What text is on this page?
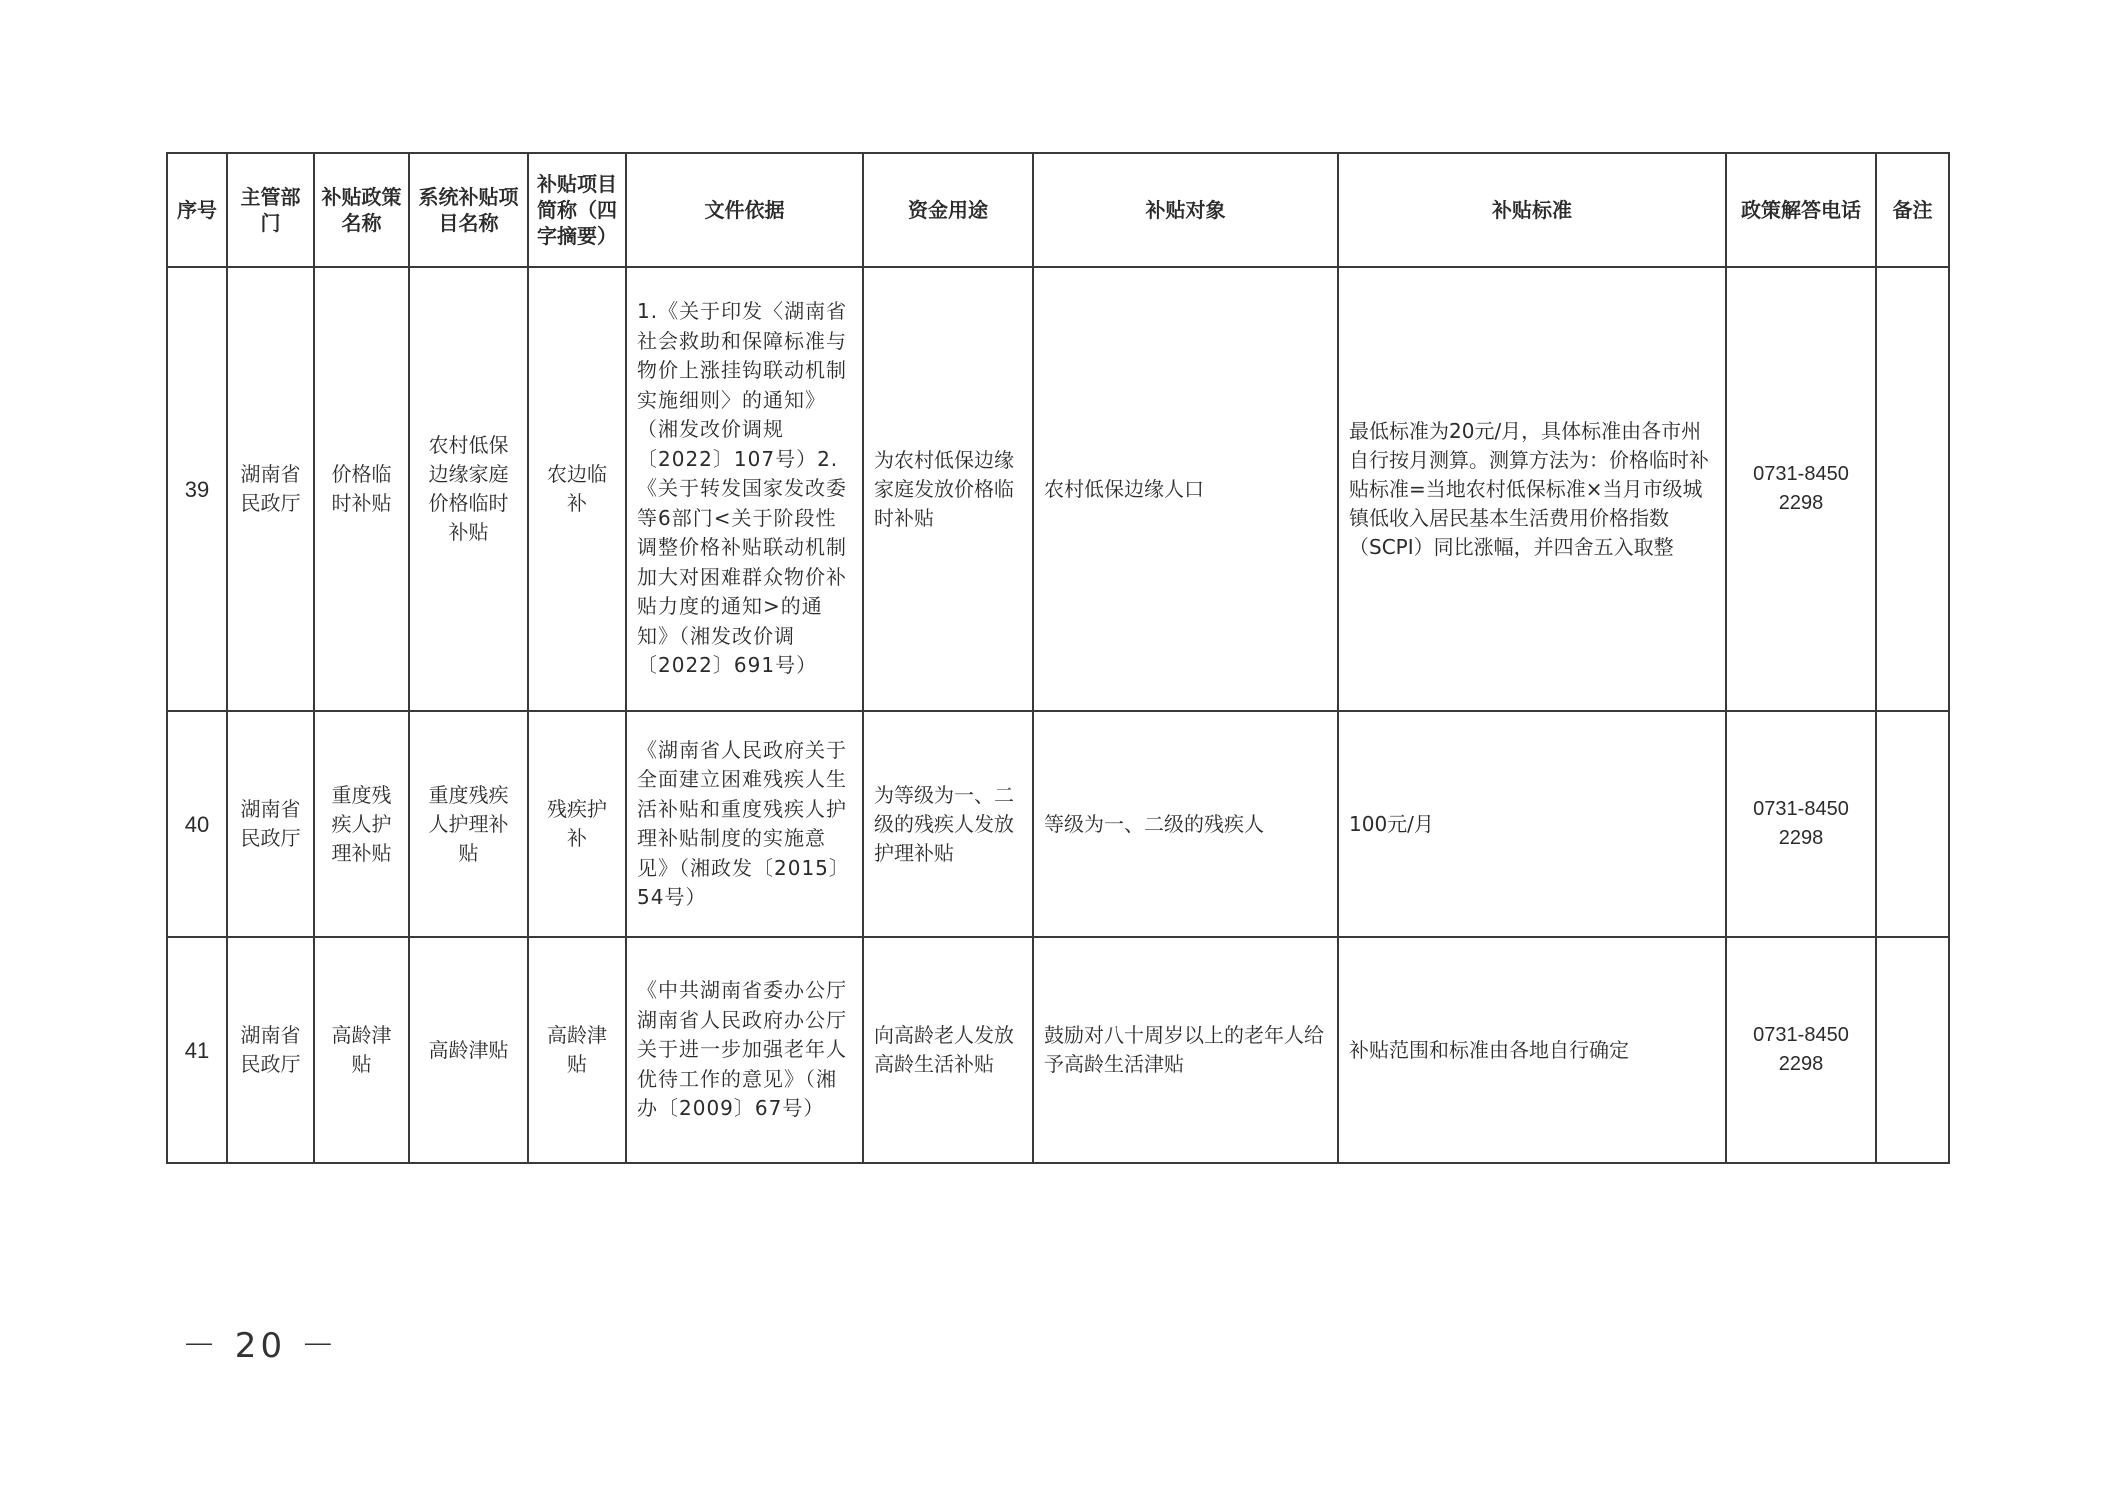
序号	主管部门	补贴政策名称	系统补贴项目名称	补贴项目简称（四字摘要）	文件依据	资金用途	补贴对象	补贴标准	政策解答电话	备注
39	湖南省民政厅	价格临时补贴	农村低保边缘家庭价格临时补贴	农边临补	1.《关于印发〈湖南省社会救助和保障标准与物价上涨挂钩联动机制实施细则〉的通知》（湘发改价调规〔2022〕107号）2.《关于转发国家发改委等6部门<关于阶段性调整价格补贴联动机制加大对困难群众物价补贴力度的通知>的通知》（湘发改价调〔2022〕691号）	为农村低保边缘家庭发放价格临时补贴	农村低保边缘人口	最低标准为20元/月，具体标准由各市州自行按月测算。测算方法为：价格临时补贴标准=当地农村低保标准×当月市级城镇低收入居民基本生活费用价格指数（SCPI）同比涨幅，并四舍五入取整	0731-8450 2298	
40	湖南省民政厅	重度残疾人护理补贴	重度残疾人护理补贴	残疾护补	《湖南省人民政府关于全面建立困难残疾人生活补贴和重度残疾人护理补贴制度的实施意见》（湘政发〔2015〕54号）	为等级为一、二级的残疾人发放护理补贴	等级为一、二级的残疾人	100元/月	0731-8450 2298	
41	湖南省民政厅	高龄津贴	高龄津贴	高龄津贴	《中共湖南省委办公厅 湖南省人民政府办公厅关于进一步加强老年人优待工作的意见》（湘办〔2009〕67号）	向高龄老人发放高龄生活补贴	鼓励对八十周岁以上的老年人给予高龄生活津贴	补贴范围和标准由各地自行确定	0731-8450 2298	
－ 20 －
